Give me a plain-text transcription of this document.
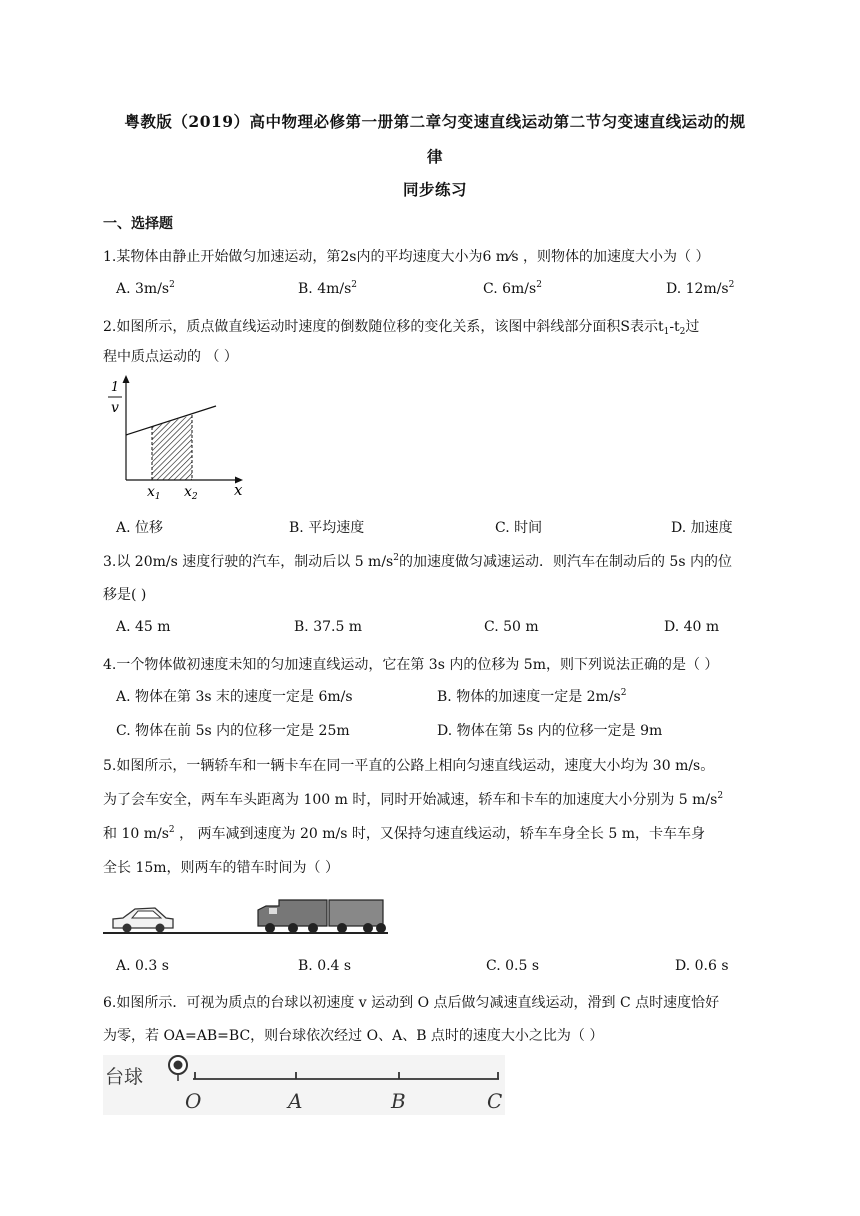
粤教版（2019）高中物理必修第一册第二章匀变速直线运动第二节匀变速直线运动的规
律
同步练习
一、选择题
1.某物体由静止开始做匀加速运动，第2s内的平均速度大小为6 m⁄s ，则物体的加速度大小为（ ）
A. $3m/s^2$	B. $4m/s^2$	C. $6m/s^2$	D. $12m/s^2$
2.如图所示，质点做直线运动时速度的倒数随位移的变化关系，该图中斜线部分面积S表示$t_1-t_2$过
程中质点运动的 （ ）
1
v
$x_1$ $x_2$ x
A. 位移	B. 平均速度	C. 时间	D. 加速度
3.以 20m/s 速度行驶的汽车，制动后以 5 $m/s^2$的加速度做匀减速运动．则汽车在制动后的 5s 内的位
移是( )
A. 45 m	B. 37.5 m	C. 50 m	D. 40 m
4.一个物体做初速度未知的匀加速直线运动，它在第 3s 内的位移为 5m，则下列说法正确的是（ ）
A. 物体在第 3s 末的速度一定是 6m/s	B. 物体的加速度一定是 $2m/s^2$
C. 物体在前 5s 内的位移一定是 25m	D. 物体在第 5s 内的位移一定是 9m
5.如图所示，一辆轿车和一辆卡车在同一平直的公路上相向匀速直线运动，速度大小均为 30 m/s。
为了会车安全，两车车头距离为 100 m 时，同时开始减速，轿车和卡车的加速度大小分别为 5 $m/s^2$
和 10 $m/s^2$ ， 两车减到速度为 20 m/s 时，又保持匀速直线运动，轿车车身全长 5 m，卡车车身
全长 15m，则两车的错车时间为（ ）
A. 0.3 s	B. 0.4 s	C. 0.5 s	D. 0.6 s
6.如图所示．可视为质点的台球以初速度 v 运动到 O 点后做匀减速直线运动，滑到 C 点时速度恰好
为零，若 OA=AB=BC，则台球依次经过 O、A、B 点时的速度大小之比为（ ）
台球
O	A	B	C
